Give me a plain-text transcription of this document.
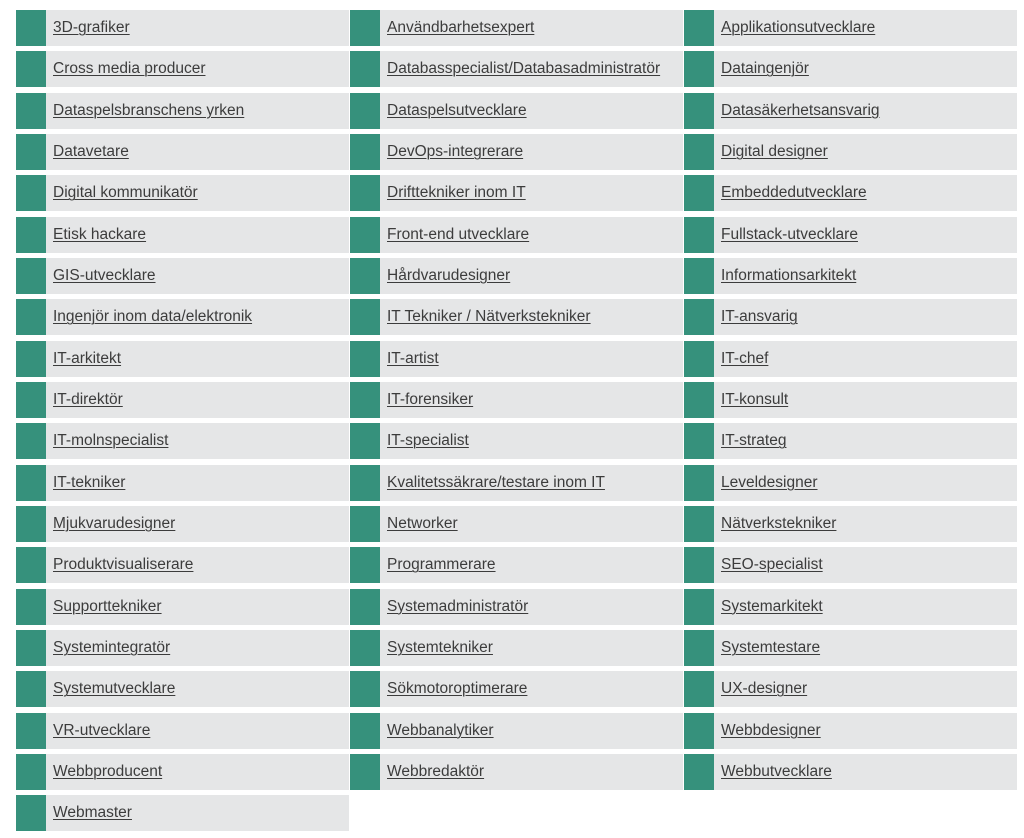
3D-grafiker	Användbarhetsexpert	Applikationsutvecklare
Cross media producer	Databasspecialist/Databasadministratör	Dataingenjör
Dataspelsbranschens yrken	Dataspelsutvecklare	Datasäkerhetsansvarig
Datavetare	DevOps-integrerare	Digital designer
Digital kommunikatör	Drifttekniker inom IT	Embeddedutvecklare
Etisk hackare	Front-end utvecklare	Fullstack-utvecklare
GIS-utvecklare	Hårdvarudesigner	Informationsarkitekt
Ingenjör inom data/elektronik	IT Tekniker / Nätverkstekniker	IT-ansvarig
IT-arkitekt	IT-artist	IT-chef
IT-direktör	IT-forensiker	IT-konsult
IT-molnspecialist	IT-specialist	IT-strateg
IT-tekniker	Kvalitetssäkrare/testare inom IT	Leveldesigner
Mjukvarudesigner	Networker	Nätverkstekniker
Produktvisualiserare	Programmerare	SEO-specialist
Supporttekniker	Systemadministratör	Systemarkitekt
Systemintegratör	Systemtekniker	Systemtestare
Systemutvecklare	Sökmotoroptimerare	UX-designer
VR-utvecklare	Webbanalytiker	Webbdesigner
Webbproducent	Webbredaktör	Webbutvecklare
Webmaster
